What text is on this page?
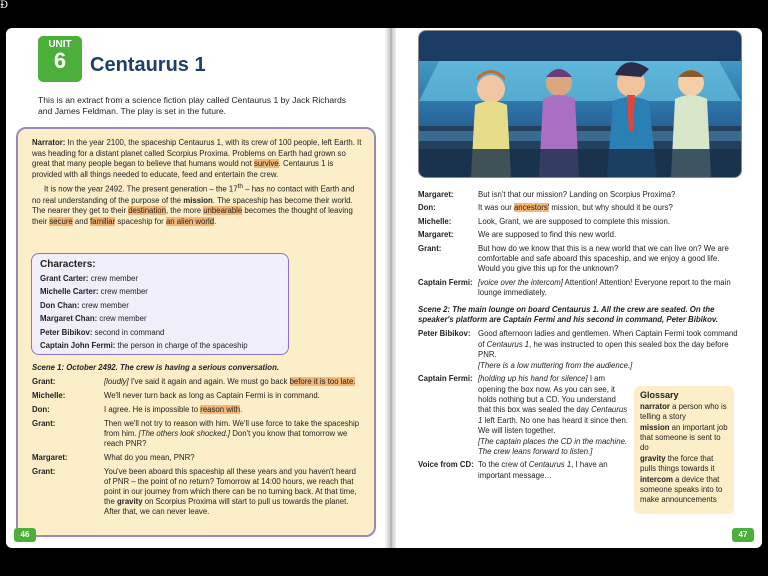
Ð
UNIT
6	Centaurus 1
This is an extract from a science fiction play called Centaurus 1 by Jack Richards and James Feldman. The play is set in the future.

Narrator: In the year 2100, the spaceship Centaurus 1, with its crew of 100 people, left Earth. It was heading for a distant planet called Scorpius Proxima. Problems on Earth had grown so great that many people began to believe that humans would not survive. Centaurus 1 is provided with all things needed to educate, feed and entertain the crew.

It is now the year 2492. The present generation – the 17th – has no contact with Earth and no real understanding of the purpose of the mission. The spaceship has become their world. The nearer they get to their destination, the more unbearable becomes the thought of leaving their secure and familiar spaceship for an alien world.

Characters:
Grant Carter: crew member
Michelle Carter: crew member
Don Chan: crew member
Margaret Chan: crew member
Peter Bibikov: second in command
Captain John Fermi: the person in charge of the spaceship
Scene 1: October 2492. The crew is having a serious conversation.
Grant:	[loudly] I've said it again and again. We must go back before it is too late.
Michelle:	We'll never turn back as long as Captain Fermi is in command.
Don:	I agree. He is impossible to reason with.
Grant:	Then we'll not try to reason with him. We'll use force to take the spaceship from him. [The others look shocked.] Don't you know that tomorrow we reach PNR?
Margaret:	What do you mean, PNR?
Grant:	You've been aboard this spaceship all these years and you haven't heard of PNR – the point of no return? Tomorrow at 14:00 hours, we reach that point in our journey from which there can be no turning back. At that time, the gravity on Scorpius Proxima will start to pull us towards the planet. After that, we can never leave.
46
Margaret:	But isn't that our mission? Landing on Scorpius Proxima?
Don:	It was our ancestors' mission, but why should it be ours?
Michelle:	Look, Grant, we are supposed to complete this mission.
Margaret:	We are supposed to find this new world.
Grant:	But how do we know that this is a new world that we can live on? We are comfortable and safe aboard this spaceship, and we enjoy a good life. Would you give this up for the unknown?
Captain Fermi: [voice over the intercom] Attention! Attention! Everyone report to the main lounge immediately.
Scene 2: The main lounge on board Centaurus 1. All the crew are seated. On the speaker's platform are Captain Fermi and his second in command, Peter Bibikov.
Peter Bibikov: Good afternoon ladies and gentlemen. When Captain Fermi took command of Centaurus 1, he was instructed to open this sealed box the day before PNR.
[There is a low muttering from the audience.]
Captain Fermi: [holding up his hand for silence] I am opening the box now. As you can see, it holds nothing but a CD. You understand that this box was sealed the day Centaurus 1 left Earth. No one has heard it since then. We will listen together.
[The captain places the CD in the machine. The crew leans forward to listen.]
Voice from CD: To the crew of Centaurus 1, I have an important message…
Glossary
narrator a person who is telling a story
mission an important job that someone is sent to do
gravity the force that pulls things towards it
intercom a device that someone speaks into to make announcements
47
